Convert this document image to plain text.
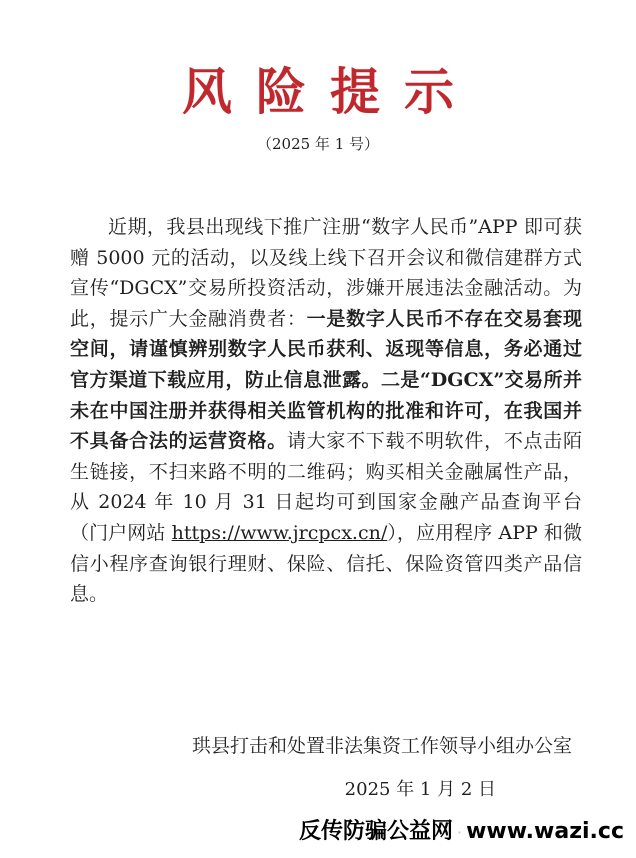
风险提示
（2025 年 1 号）

近期，我县出现线下推广注册“数字人民币”APP 即可获赠 5000 元的活动，以及线上线下召开会议和微信建群方式宣传“DGCX”交易所投资活动，涉嫌开展违法金融活动。为此，提示广大金融消费者：一是数字人民币不存在交易套现空间，请谨慎辨别数字人民币获利、返现等信息，务必通过官方渠道下载应用，防止信息泄露。二是“DGCX”交易所并未在中国注册并获得相关监管机构的批准和许可，在我国并不具备合法的运营资格。请大家不下载不明软件，不点击陌生链接，不扫来路不明的二维码；购买相关金融属性产品，从 2024 年 10 月 31 日起均可到国家金融产品查询平台（门户网站 https://www.jrcpcx.cn/），应用程序 APP 和微信小程序查询银行理财、保险、信托、保险资管四类产品信息。

珙县打击和处置非法集资工作领导小组办公室
2025 年 1 月 2 日
反传防骗公益网 · www.wazi.cc
